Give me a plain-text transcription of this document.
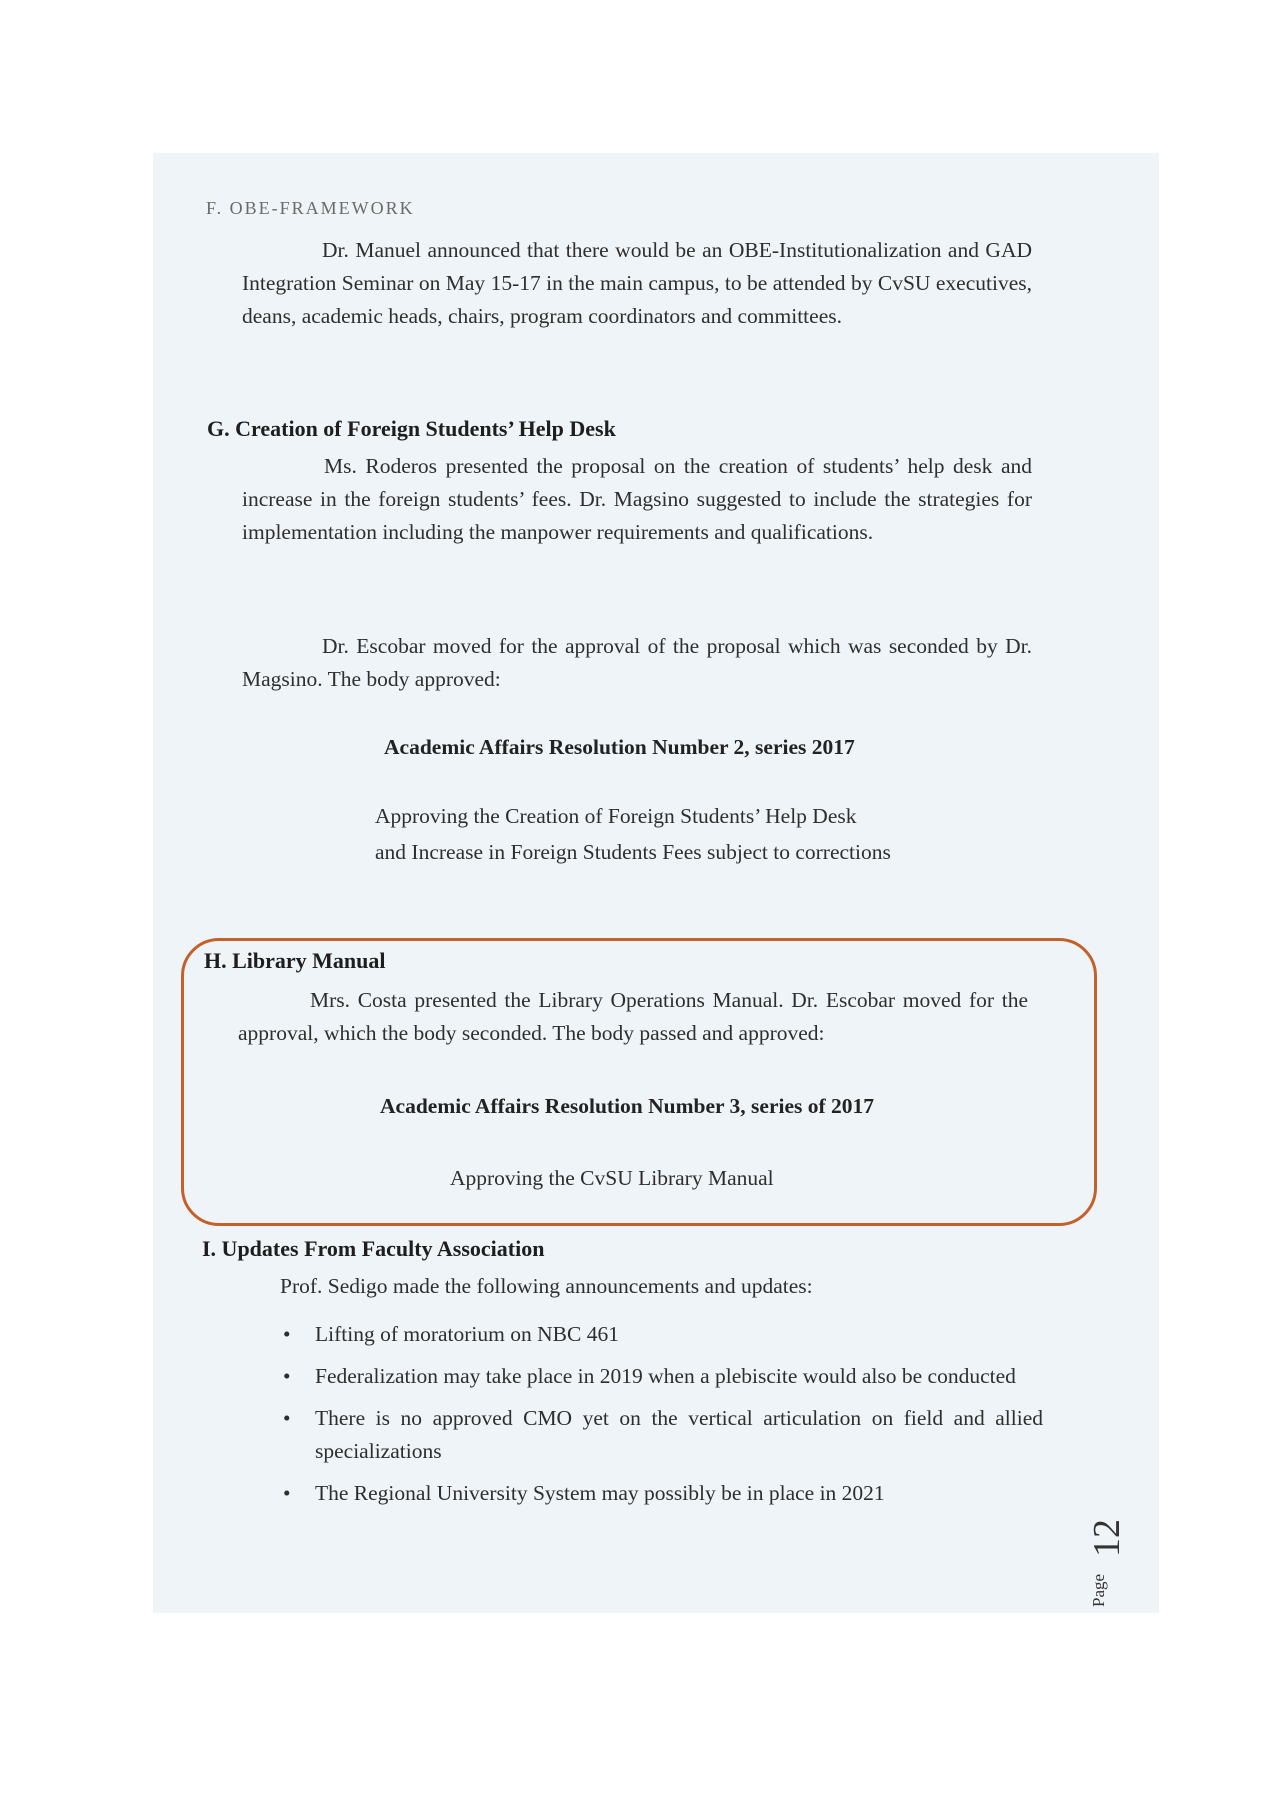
F. OBE-FRAMEWORK
Dr. Manuel announced that there would be an OBE-Institutionalization and GAD Integration Seminar on May 15-17 in the main campus, to be attended by CvSU executives, deans, academic heads, chairs, program coordinators and committees.
G. Creation of Foreign Students’ Help Desk
Ms. Roderos presented the proposal on the creation of students’ help desk and increase in the foreign students’ fees. Dr. Magsino suggested to include the strategies for implementation including the manpower requirements and qualifications.
Dr. Escobar moved for the approval of the proposal which was seconded by Dr. Magsino. The body approved:
Academic Affairs Resolution Number 2, series 2017
Approving the Creation of Foreign Students’ Help Desk
and Increase in Foreign Students Fees subject to corrections
H. Library Manual
Mrs. Costa presented the Library Operations Manual. Dr. Escobar moved for the approval, which the body seconded. The body passed and approved:
Academic Affairs Resolution Number 3, series of 2017
Approving the CvSU Library Manual
I. Updates From Faculty Association
Prof. Sedigo made the following announcements and updates:
• Lifting of moratorium on NBC 461
• Federalization may take place in 2019 when a plebiscite would also be conducted
• There is no approved CMO yet on the vertical articulation on field and allied specializations
• The Regional University System may possibly be in place in 2021
Page
12
